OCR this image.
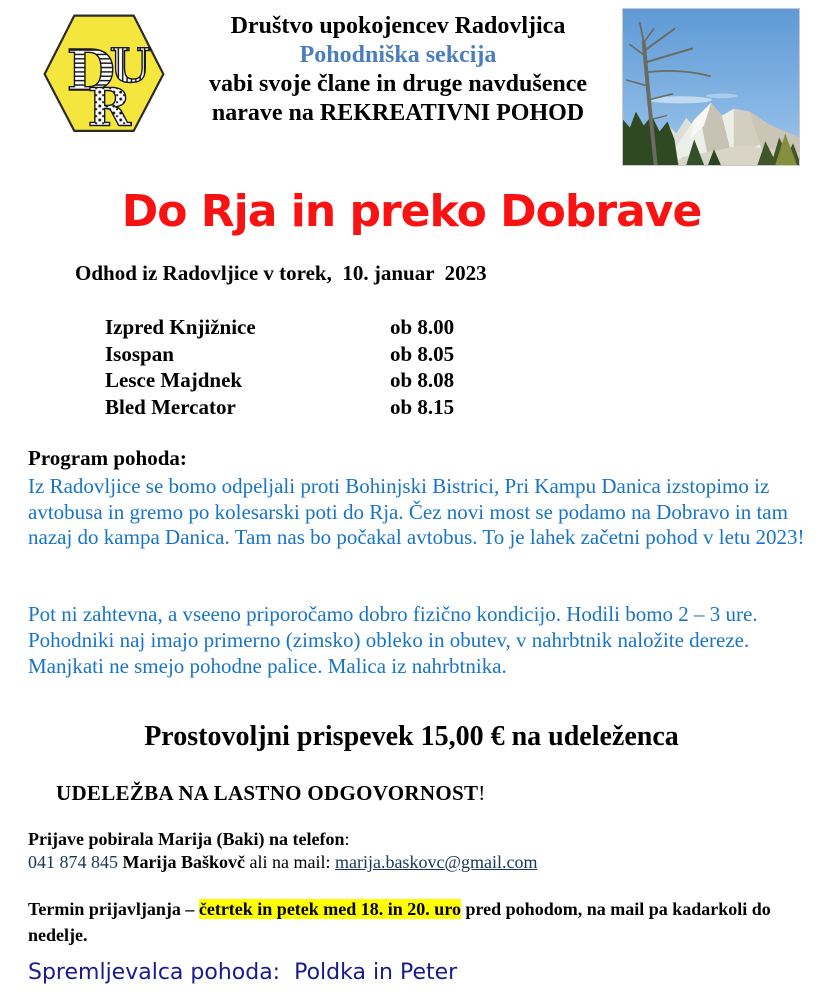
D
U
R
Društvo upokojencev Radovljica
Pohodniška sekcija
vabi svoje člane in druge navdušence
narave na REKREATIVNI POHOD
Do Rja in preko Dobrave
Odhod iz Radovljice v torek,  10. januar  2023
Izpred Knjižnice	ob 8.00
Isospan	ob 8.05
Lesce Majdnek	ob 8.08
Bled Mercator	ob 8.15
Program pohoda:
Iz Radovljice se bomo odpeljali proti Bohinjski Bistrici, Pri Kampu Danica izstopimo iz avtobusa in gremo po kolesarski poti do Rja. Čez novi most se podamo na Dobravo in tam nazaj do kampa Danica. Tam nas bo počakal avtobus. To je lahek začetni pohod v letu 2023!
Pot ni zahtevna, a vseeno priporočamo dobro fizično kondicijo. Hodili bomo 2 – 3 ure. Pohodniki naj imajo primerno (zimsko) obleko in obutev, v nahrbtnik naložite dereze. Manjkati ne smejo pohodne palice. Malica iz nahrbtnika.
Prostovoljni prispevek 15,00 € na udeleženca
UDELEŽBA NA LASTNO ODGOVORNOST!
Prijave pobirala Marija (Baki) na telefon:
041 874 845 Marija Baškovč ali na mail: marija.baskovc@gmail.com
Termin prijavljanja – četrtek in petek med 18. in 20. uro pred pohodom, na mail pa kadarkoli do nedelje.
Spremljevalca pohoda: Poldka in Peter
